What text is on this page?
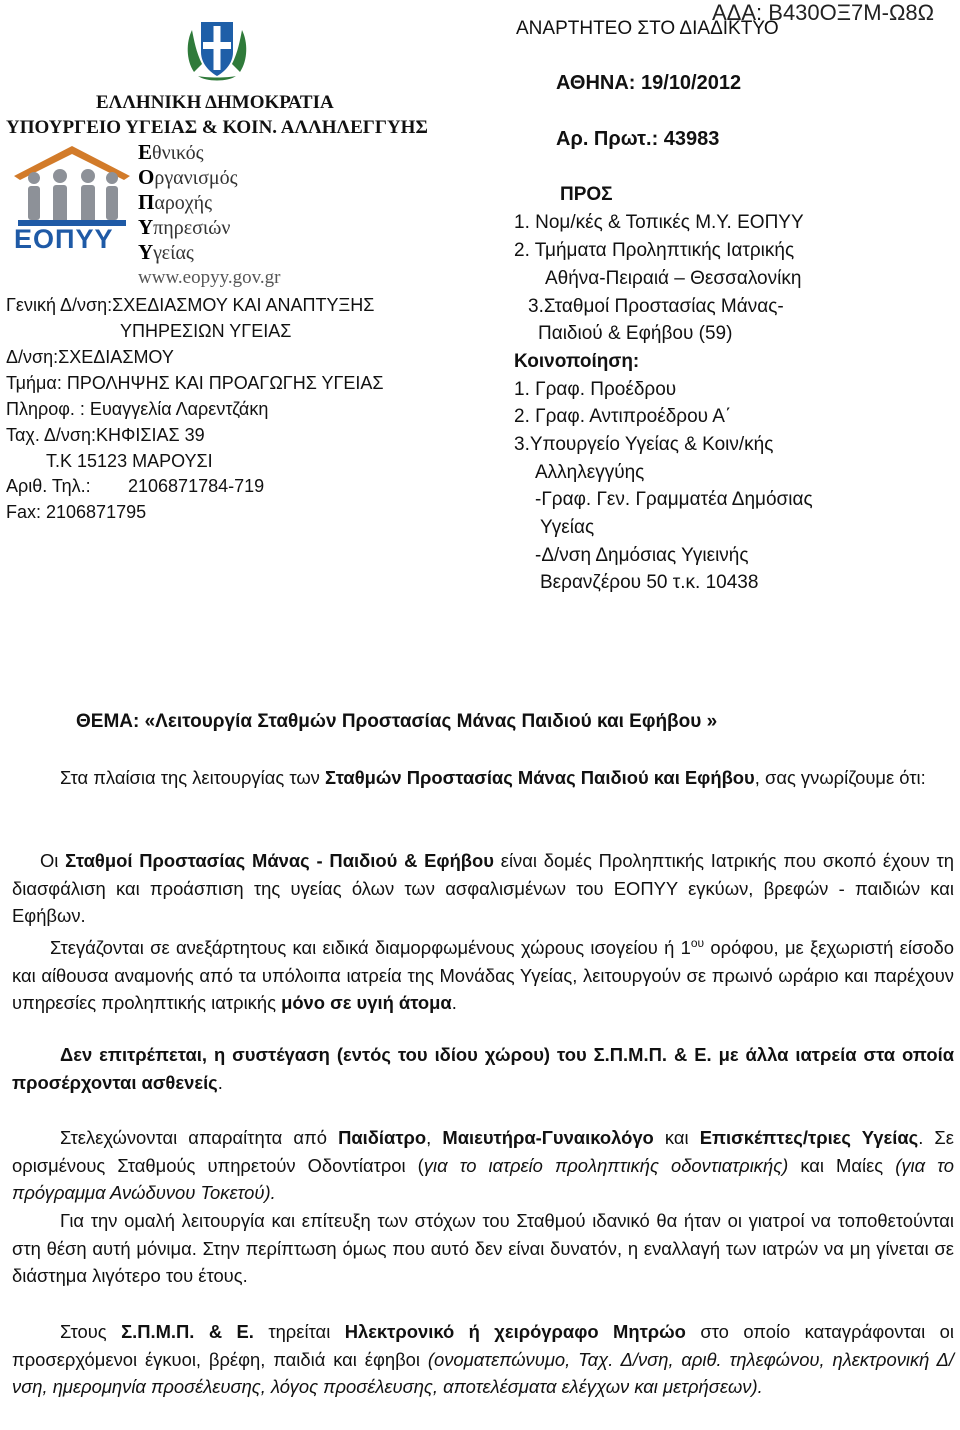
ΑΔΑ: Β430ΟΞ7Μ-Ω8Ω
ΑΝΑΡΤΗΤΕΟ ΣΤΟ ΔΙΑΔΙΚΤΥΟ
ΕΛΛΗΝΙΚΗ ΔΗΜΟΚΡΑΤΙΑ
ΥΠΟΥΡΓΕΙΟ ΥΓΕΙΑΣ & ΚΟΙΝ. ΑΛΛΗΛΕΓΓΥΗΣ
ΕΟΠΥΥ
Εθνικός
Οργανισμός
Παροχής
Υπηρεσιών
Υγείας
www.eopyy.gov.gr
Γενική Δ/νση:ΣΧΕΔΙΑΣΜΟΥ ΚΑΙ ΑΝΑΠΤΥΞΗΣ
ΥΠΗΡΕΣΙΩΝ ΥΓΕΙΑΣ
Δ/νση:ΣΧΕΔΙΑΣΜΟΥ
Τμήμα: ΠΡΟΛΗΨΗΣ ΚΑΙ ΠΡΟΑΓΩΓΗΣ ΥΓΕΙΑΣ
Πληροφ. : Ευαγγελία Λαρεντζάκη
Ταχ. Δ/νση:ΚΗΦΙΣΙΑΣ 39
Τ.Κ 15123 ΜΑΡΟΥΣΙ
Αριθ. Τηλ.: 2106871784-719
Fax: 2106871795
ΑΘΗΝΑ: 19/10/2012
Αρ. Πρωτ.: 43983
ΠΡΟΣ
1. Νομ/κές & Τοπικές Μ.Υ. ΕΟΠΥΥ
2. Τμήματα Προληπτικής Ιατρικής
Αθήνα-Πειραιά – Θεσσαλονίκη
3.Σταθμοί Προστασίας Μάνας-
Παιδιού & Εφήβου (59)
Κοινοποίηση:
1. Γραφ. Προέδρου
2. Γραφ. Αντιπροέδρου Α΄
3.Υπουργείο Υγείας & Κοιν/κής
Αλληλεγγύης
-Γραφ. Γεν. Γραμματέα Δημόσιας
Υγείας
-Δ/νση Δημόσιας Υγιεινής
Βερανζέρου 50 τ.κ. 10438
ΘΕΜΑ: «Λειτουργία Σταθμών Προστασίας Μάνας Παιδιού και Εφήβου »

Στα πλαίσια της λειτουργίας των Σταθμών Προστασίας Μάνας Παιδιού και Εφήβου, σας γνωρίζουμε ότι:

Οι Σταθμοί Προστασίας Μάνας - Παιδιού & Εφήβου είναι δομές Προληπτικής Ιατρικής που σκοπό έχουν τη διασφάλιση και προάσπιση της υγείας όλων των ασφαλισμένων του ΕΟΠΥΥ εγκύων, βρεφών - παιδιών και Εφήβων.

Στεγάζονται σε ανεξάρτητους και ειδικά διαμορφωμένους χώρους ισογείου ή $1^{o\upsilon}$ ορόφου, με ξεχωριστή είσοδο και αίθουσα αναμονής από τα υπόλοιπα ιατρεία της Μονάδας Υγείας, λειτουργούν σε πρωινό ωράριο και παρέχουν υπηρεσίες προληπτικής ιατρικής μόνο σε υγιή άτομα.

Δεν επιτρέπεται, η συστέγαση (εντός του ιδίου χώρου) του Σ.Π.Μ.Π. & Ε. με άλλα ιατρεία στα οποία προσέρχονται ασθενείς.

Στελεχώνονται απαραίτητα από Παιδίατρο, Μαιευτήρα-Γυναικολόγο και Επισκέπτες/τριες Υγείας. Σε ορισμένους Σταθμούς υπηρετούν Οδοντίατροι (για το ιατρείο προληπτικής οδοντιατρικής) και Μαίες (για το πρόγραμμα Ανώδυνου Τοκετού).

Για την ομαλή λειτουργία και επίτευξη των στόχων του Σταθμού ιδανικό θα ήταν οι γιατροί να τοποθετούνται στη θέση αυτή μόνιμα. Στην περίπτωση όμως που αυτό δεν είναι δυνατόν, η εναλλαγή των ιατρών να μη γίνεται σε διάστημα λιγότερο του έτους.

Στους Σ.Π.Μ.Π. & Ε. τηρείται Ηλεκτρονικό ή χειρόγραφο Μητρώο στο οποίο καταγράφονται οι προσερχόμενοι έγκυοι, βρέφη, παιδιά και έφηβοι (ονοματεπώνυμο, Ταχ. Δ/νση, αριθ. τηλεφώνου, ηλεκτρονική Δ/νση, ημερομηνία προσέλευσης, λόγος προσέλευσης, αποτελέσματα ελέγχων και μετρήσεων).
